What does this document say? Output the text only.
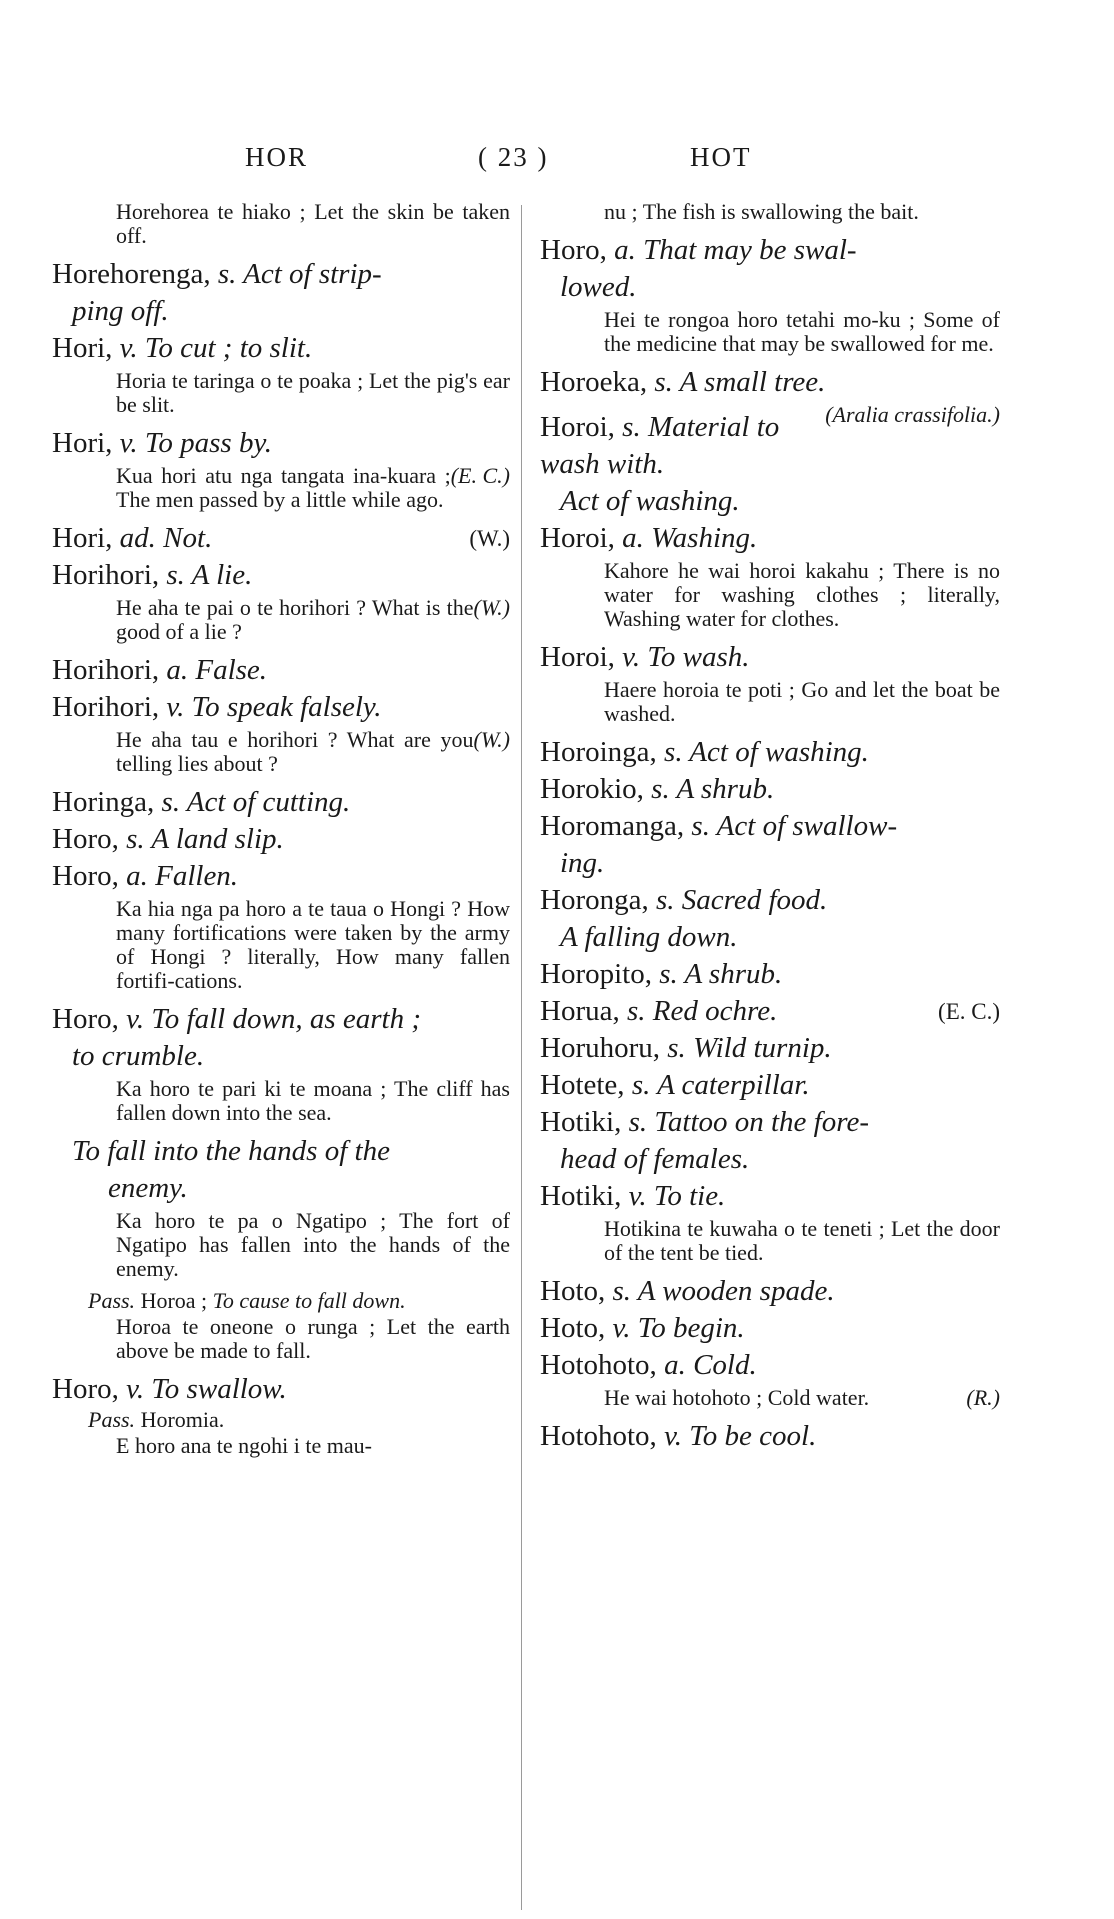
HOR	( 23 )	HOT
Horehorea te hiako ; Let the skin be taken off.
Horehorenga, s. Act of strip-
ping off.
Hori, v. To cut ; to slit.
Horia te taringa o te poaka ; Let the pig's ear be slit.
Hori, v. To pass by.
(E. C.)
Kua hori atu nga tangata ina-kuara ; The men passed by a little while ago.
(W.)
Hori, ad. Not.
Horihori, s. A lie.
(W.)
He aha te pai o te horihori ? What is the good of a lie ?
Horihori, a. False.
Horihori, v. To speak falsely.
(W.)
He aha tau e horihori ? What are you telling lies about ?
Horinga, s. Act of cutting.
Horo, s. A land slip.
Horo, a. Fallen.
Ka hia nga pa horo a te taua o Hongi ? How many fortifications were taken by the army of Hongi ? literally, How many fallen fortifi-cations.
Horo, v. To fall down, as earth ;
to crumble.
Ka horo te pari ki te moana ; The cliff has fallen down into the sea.
To fall into the hands of the
enemy.
Ka horo te pa o Ngatipo ; The fort of Ngatipo has fallen into the hands of the enemy.
Pass. Horoa ; To cause to fall down.
Horoa te oneone o runga ; Let the earth above be made to fall.
Horo, v. To swallow.
Pass. Horomia.
E horo ana te ngohi i te mau-
nu ; The fish is swallowing the bait.
Horo, a. That may be swal-
lowed.
Hei te rongoa horo tetahi mo-ku ; Some of the medicine that may be swallowed for me.
Horoeka, s. A small tree.
(Aralia crassifolia.)
Horoi, s. Material to wash with.
Act of washing.
Horoi, a. Washing.
Kahore he wai horoi kakahu ; There is no water for washing clothes ; literally, Washing water for clothes.
Horoi, v. To wash.
Haere horoia te poti ; Go and let the boat be washed.
Horoinga, s. Act of washing.
Horokio, s. A shrub.
Horomanga, s. Act of swallow-
ing.
Horonga, s. Sacred food.
A falling down.
Horopito, s. A shrub.
(E. C.)
Horua, s. Red ochre.
Horuhoru, s. Wild turnip.
Hotete, s. A caterpillar.
Hotiki, s. Tattoo on the fore-
head of females.
Hotiki, v. To tie.
Hotikina te kuwaha o te teneti ; Let the door of the tent be tied.
Hoto, s. A wooden spade.
Hoto, v. To begin.
Hotohoto, a. Cold.
(R.)
He wai hotohoto ; Cold water.
Hotohoto, v. To be cool.
